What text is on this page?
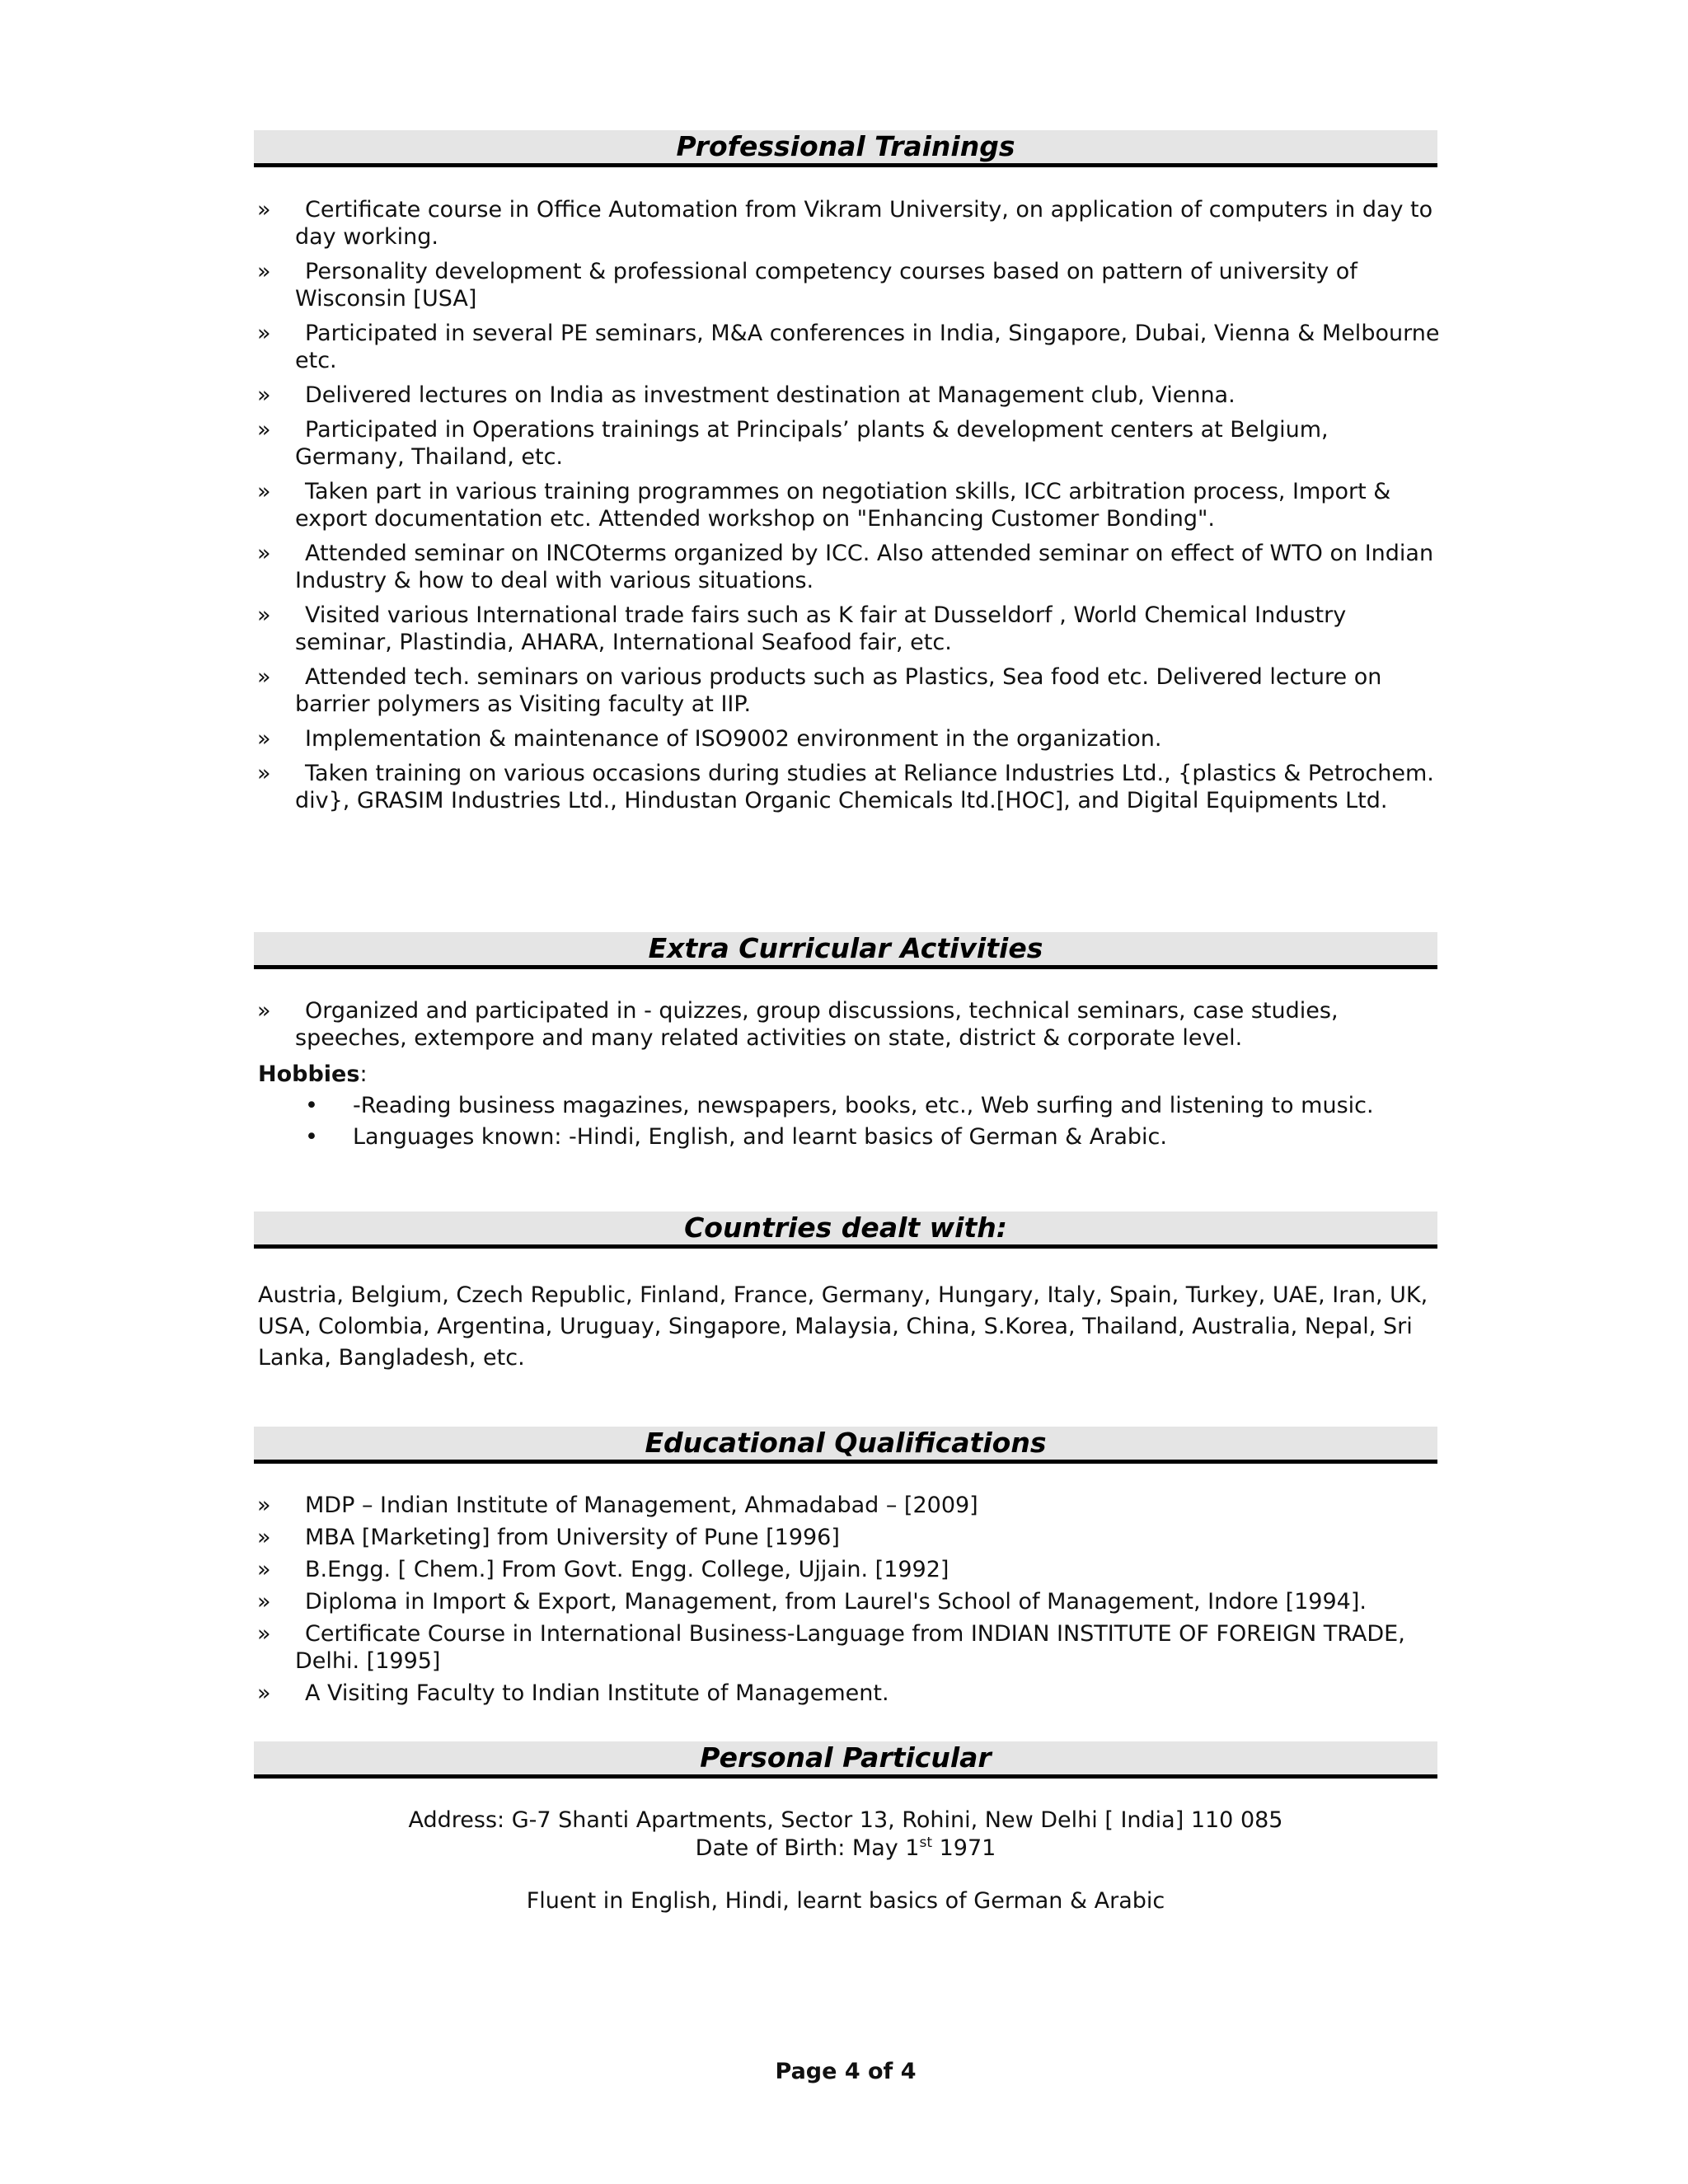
Professional Trainings
»	Certificate course in Office Automation from Vikram University, on application of computers in day to day working.
»	Personality development & professional competency courses based on pattern of university of Wisconsin [USA]
»	Participated in several PE seminars, M&A conferences in India, Singapore, Dubai, Vienna & Melbourne etc.
»	Delivered lectures on India as investment destination at Management club, Vienna.
»	Participated in Operations trainings at Principals’ plants & development centers at Belgium, Germany, Thailand, etc.
»	Taken part in various training programmes on negotiation skills, ICC arbitration process, Import & export documentation etc. Attended workshop on "Enhancing Customer Bonding".
»	Attended seminar on INCOterms organized by ICC. Also attended seminar on effect of WTO on Indian Industry & how to deal with various situations.
»	Visited various International trade fairs such as K fair at Dusseldorf , World Chemical Industry seminar, Plastindia, AHARA, International Seafood fair, etc.
»	Attended tech. seminars on various products such as Plastics, Sea food etc. Delivered lecture on barrier polymers as Visiting faculty at IIP.
»	Implementation & maintenance of ISO9002 environment in the organization.
»	Taken training on various occasions during studies at Reliance Industries Ltd., {plastics & Petrochem. div}, GRASIM Industries Ltd., Hindustan Organic Chemicals ltd.[HOC], and Digital Equipments Ltd.
Extra Curricular Activities
»	Organized and participated in - quizzes, group discussions, technical seminars, case studies, speeches, extempore and many related activities on state, district & corporate level.
Hobbies:
• -Reading business magazines, newspapers, books, etc., Web surfing and listening to music.
• Languages known: -Hindi, English, and learnt basics of German & Arabic.
Countries dealt with:
Austria, Belgium, Czech Republic, Finland, France, Germany, Hungary, Italy, Spain, Turkey, UAE, Iran, UK, USA, Colombia, Argentina, Uruguay, Singapore, Malaysia, China, S.Korea, Thailand, Australia, Nepal, Sri Lanka, Bangladesh, etc.
Educational Qualifications
»	MDP – Indian Institute of Management, Ahmadabad – [2009]
»	MBA [Marketing] from University of Pune [1996]
»	B.Engg. [ Chem.] From Govt. Engg. College, Ujjain. [1992]
»	Diploma in Import & Export, Management, from Laurel's School of Management, Indore [1994].
»	Certificate Course in International Business-Language from INDIAN INSTITUTE OF FOREIGN TRADE, Delhi. [1995]
»	A Visiting Faculty to Indian Institute of Management.
Personal Particular
Address: G-7 Shanti Apartments, Sector 13, Rohini, New Delhi [ India] 110 085
Date of Birth: May 1st 1971
Fluent in English, Hindi, learnt basics of German & Arabic
Page 4 of 4
